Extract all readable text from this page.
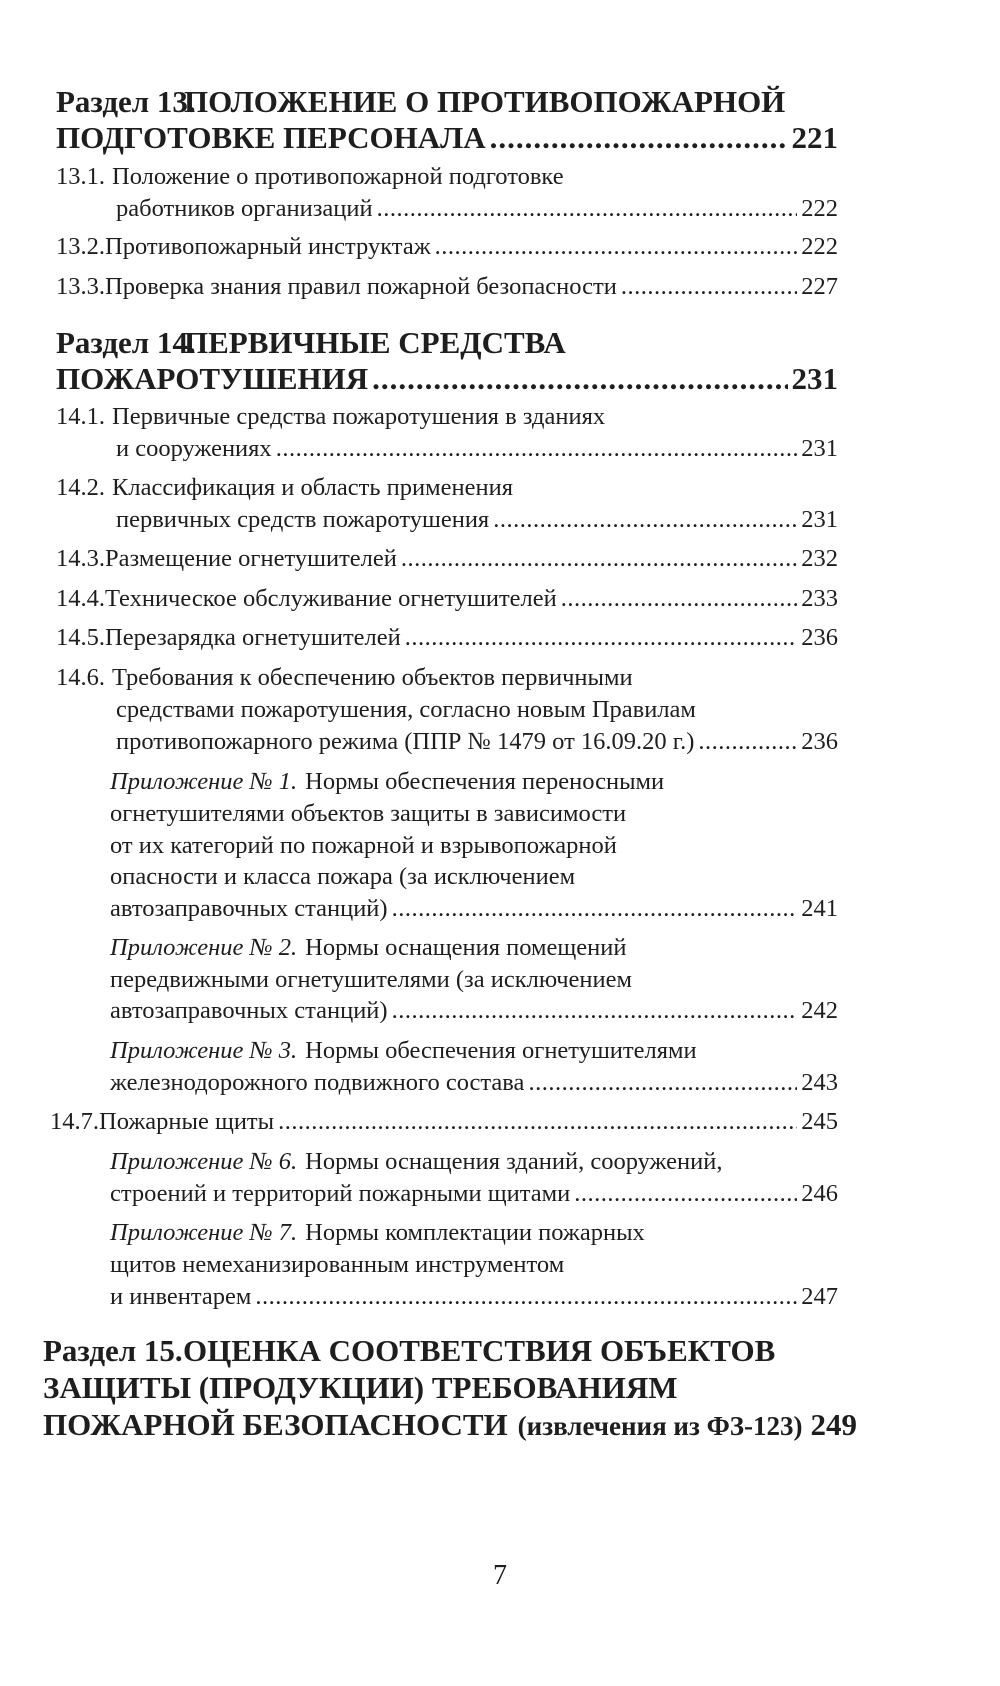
Раздел 13.
ПОЛОЖЕНИЕ О ПРОТИВОПОЖАРНОЙ
ПОДГОТОВКЕ ПЕРСОНАЛА .....	221
13.1. Положение о противопожарной подготовке
работников организаций .....	222
13.2. Противопожарный инструктаж .....	222
13.3. Проверка знания правил пожарной безопасности .....	227
Раздел 14.
ПЕРВИЧНЫЕ СРЕДСТВА
ПОЖАРОТУШЕНИЯ .....	231
14.1. Первичные средства пожаротушения в зданиях
и сооружениях .....	231
14.2. Классификация и область применения
первичных средств пожаротушения .....	231
14.3. Размещение огнетушителей .....	232
14.4. Техническое обслуживание огнетушителей .....	233
14.5. Перезарядка огнетушителей .....	236
14.6. Требования к обеспечению объектов первичными
средствами пожаротушения, согласно новым Правилам
противопожарного режима (ППР № 1479 от 16.09.20 г.) .....	236
Приложение № 1. Нормы обеспечения переносными
огнетушителями объектов защиты в зависимости
от их категорий по пожарной и взрывопожарной
опасности и класса пожара (за исключением
автозаправочных станций) .....	241
Приложение № 2. Нормы оснащения помещений
передвижными огнетушителями (за исключением
автозаправочных станций) .....	242
Приложение № 3. Нормы обеспечения огнетушителями
железнодорожного подвижного состава .....	243
14.7. Пожарные щиты .....	245
Приложение № 6. Нормы оснащения зданий, сооружений,
строений и территорий пожарными щитами .....	246
Приложение № 7. Нормы комплектации пожарных
щитов немеханизированным инструментом
и инвентарем .....	247
Раздел 15. ОЦЕНКА СООТВЕТСТВИЯ ОБЪЕКТОВ
ЗАЩИТЫ (ПРОДУКЦИИ) ТРЕБОВАНИЯМ
ПОЖАРНОЙ БЕЗОПАСНОСТИ (извлечения из ФЗ-123) 249
7
